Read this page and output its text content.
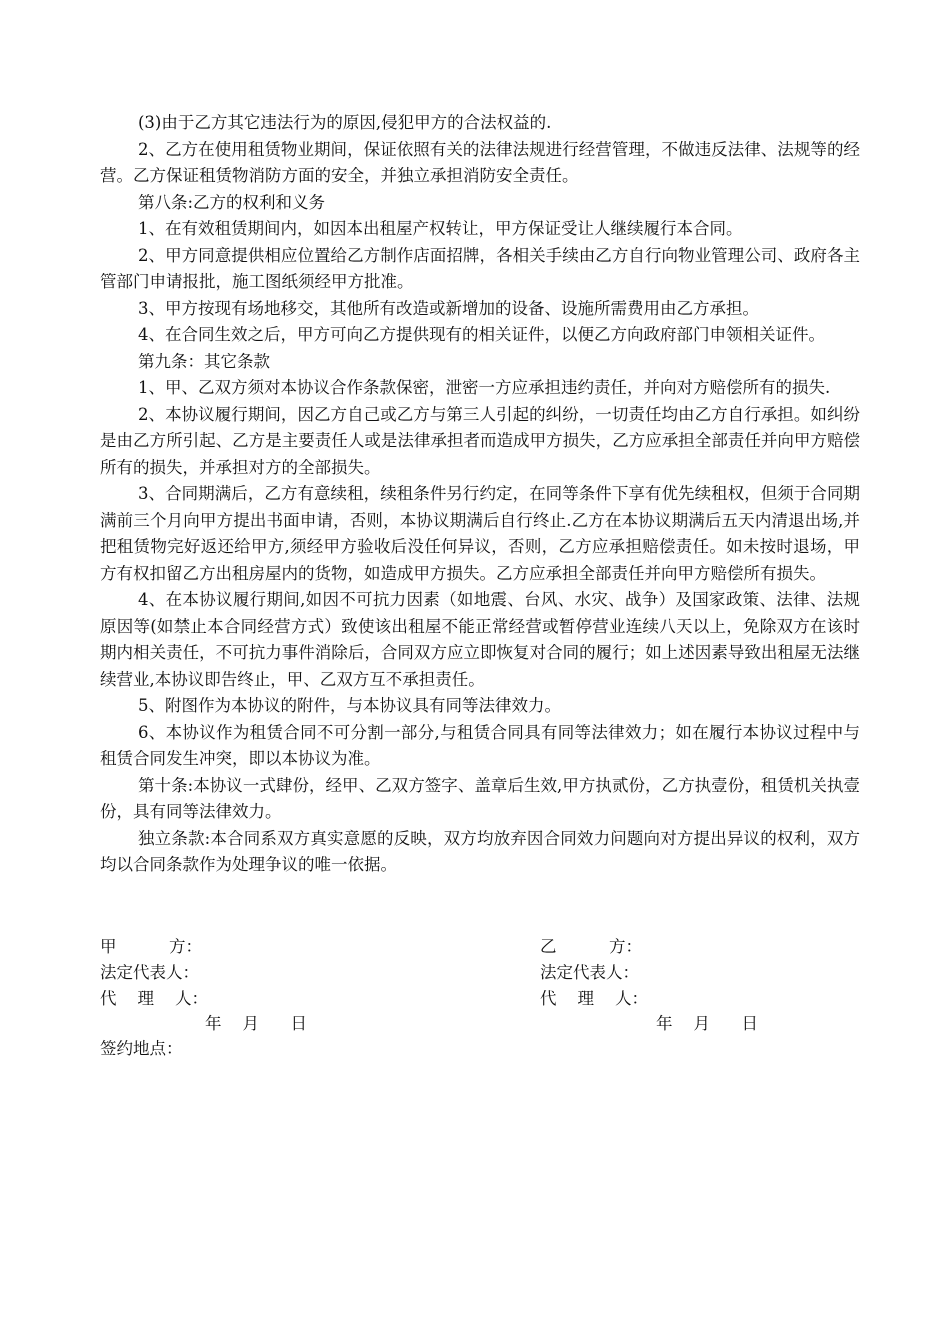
(3)由于乙方其它违法行为的原因,侵犯甲方的合法权益的.

2、乙方在使用租赁物业期间，保证依照有关的法律法规进行经营管理，不做违反法律、法规等的经营。乙方保证租赁物消防方面的安全，并独立承担消防安全责任。

第八条:乙方的权利和义务

1、在有效租赁期间内，如因本出租屋产权转让，甲方保证受让人继续履行本合同。

2、甲方同意提供相应位置给乙方制作店面招牌，各相关手续由乙方自行向物业管理公司、政府各主管部门申请报批，施工图纸须经甲方批准。

3、甲方按现有场地移交，其他所有改造或新增加的设备、设施所需费用由乙方承担。

4、在合同生效之后，甲方可向乙方提供现有的相关证件，以便乙方向政府部门申领相关证件。

第九条：其它条款

1、甲、乙双方须对本协议合作条款保密，泄密一方应承担违约责任，并向对方赔偿所有的损失.

2、本协议履行期间，因乙方自己或乙方与第三人引起的纠纷，一切责任均由乙方自行承担。如纠纷是由乙方所引起、乙方是主要责任人或是法律承担者而造成甲方损失，乙方应承担全部责任并向甲方赔偿所有的损失，并承担对方的全部损失。

3、合同期满后，乙方有意续租，续租条件另行约定，在同等条件下享有优先续租权，但须于合同期满前三个月向甲方提出书面申请，否则，本协议期满后自行终止.乙方在本协议期满后五天内清退出场,并把租赁物完好返还给甲方,须经甲方验收后没任何异议，否则，乙方应承担赔偿责任。如未按时退场，甲方有权扣留乙方出租房屋内的货物，如造成甲方损失。乙方应承担全部责任并向甲方赔偿所有损失。

4、在本协议履行期间,如因不可抗力因素（如地震、台风、水灾、战争）及国家政策、法律、法规原因等(如禁止本合同经营方式）致使该出租屋不能正常经营或暂停营业连续八天以上，免除双方在该时期内相关责任，不可抗力事件消除后，合同双方应立即恢复对合同的履行；如上述因素导致出租屋无法继续营业,本协议即告终止，甲、乙双方互不承担责任。

5、附图作为本协议的附件，与本协议具有同等法律效力。

6、本协议作为租赁合同不可分割一部分,与租赁合同具有同等法律效力；如在履行本协议过程中与租赁合同发生冲突，即以本协议为准。

第十条:本协议一式肆份，经甲、乙双方签字、盖章后生效,甲方执贰份，乙方执壹份，租赁机关执壹份，具有同等法律效力。

独立条款:本合同系双方真实意愿的反映，双方均放弃因合同效力问题向对方提出异议的权利，双方均以合同条款作为处理争议的唯一依据。

甲          方：	乙          方：
法定代表人：	法定代表人：
代    理    人：	代    理    人：
年    月      日	年    月      日
签约地点：
